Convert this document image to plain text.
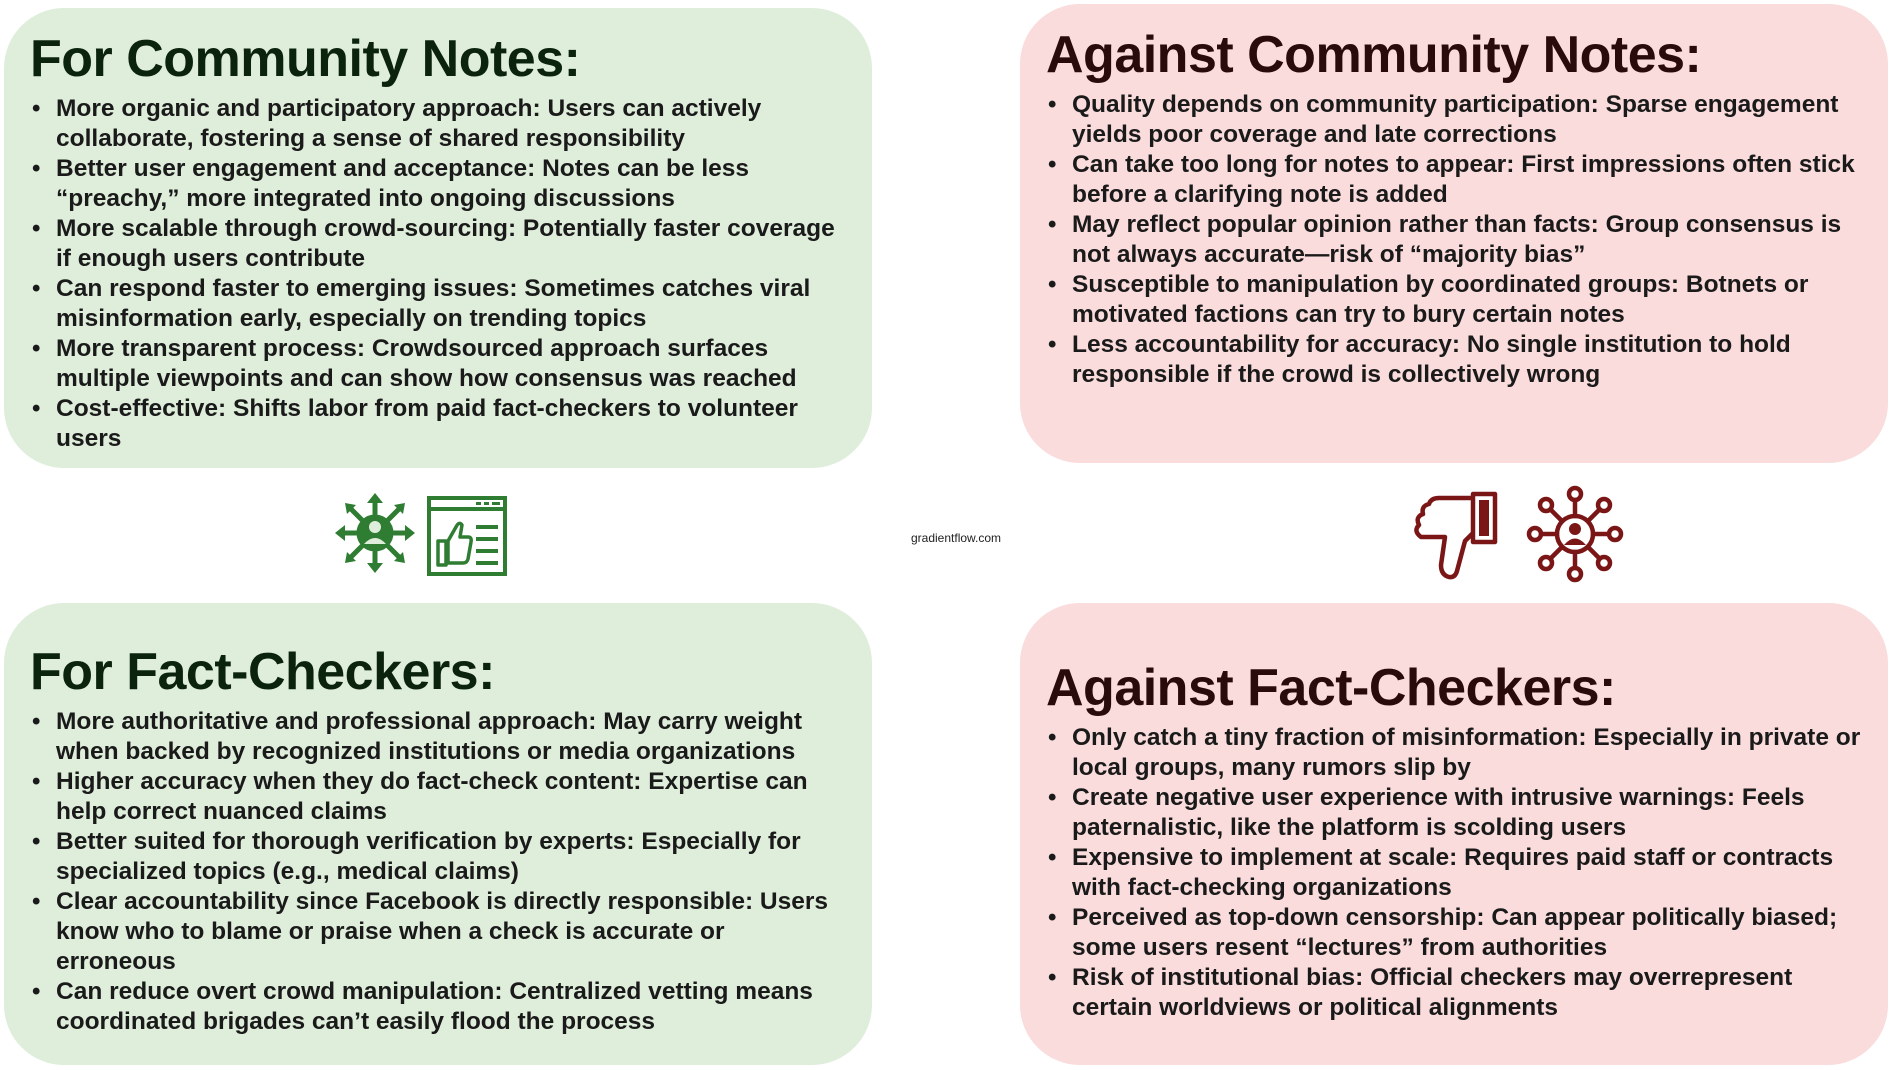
For Community Notes:
• More organic and participatory approach: Users can actively collaborate, fostering a sense of shared responsibility
• Better user engagement and acceptance: Notes can be less “preachy,” more integrated into ongoing discussions
• More scalable through crowd-sourcing: Potentially faster coverage if enough users contribute
• Can respond faster to emerging issues: Sometimes catches viral misinformation early, especially on trending topics
• More transparent process: Crowdsourced approach surfaces multiple viewpoints and can show how consensus was reached
• Cost-effective: Shifts labor from paid fact-checkers to volunteer users
Against Community Notes:
• Quality depends on community participation: Sparse engagement yields poor coverage and late corrections
• Can take too long for notes to appear: First impressions often stick before a clarifying note is added
• May reflect popular opinion rather than facts: Group consensus is not always accurate—risk of “majority bias”
• Susceptible to manipulation by coordinated groups: Botnets or motivated factions can try to bury certain notes
• Less accountability for accuracy: No single institution to hold responsible if the crowd is collectively wrong
For Fact-Checkers:
• More authoritative and professional approach: May carry weight when backed by recognized institutions or media organizations
• Higher accuracy when they do fact-check content: Expertise can help correct nuanced claims
• Better suited for thorough verification by experts: Especially for specialized topics (e.g., medical claims)
• Clear accountability since Facebook is directly responsible: Users know who to blame or praise when a check is accurate or erroneous
• Can reduce overt crowd manipulation: Centralized vetting means coordinated brigades can’t easily flood the process
Against Fact-Checkers:
• Only catch a tiny fraction of misinformation: Especially in private or local groups, many rumors slip by
• Create negative user experience with intrusive warnings: Feels paternalistic, like the platform is scolding users
• Expensive to implement at scale: Requires paid staff or contracts with fact-checking organizations
• Perceived as top-down censorship: Can appear politically biased; some users resent “lectures” from authorities
• Risk of institutional bias: Official checkers may overrepresent certain worldviews or political alignments
gradientflow.com
